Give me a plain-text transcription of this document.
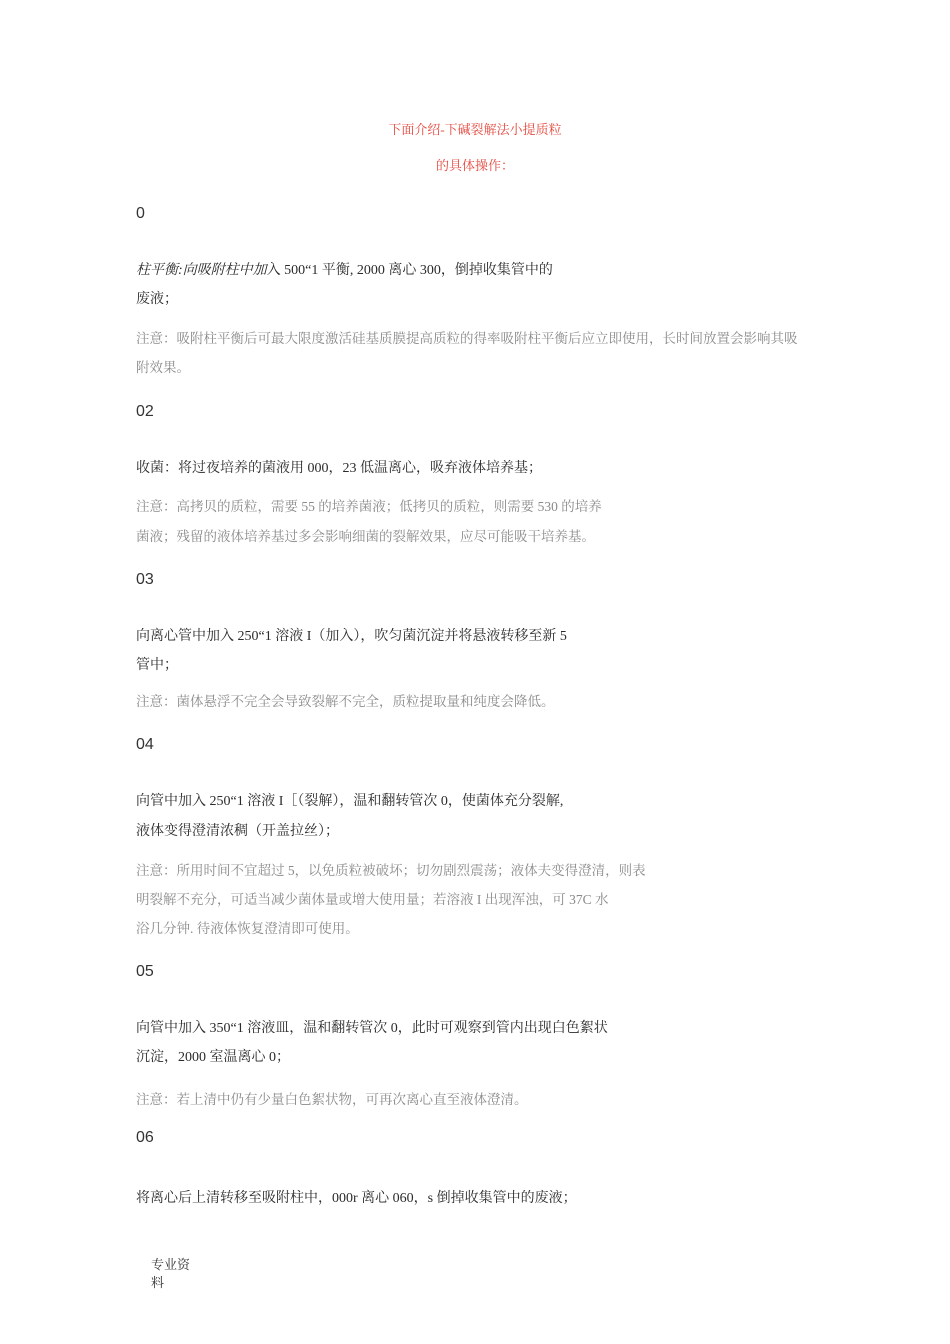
下面介绍-下碱裂解法小提质粒
的具体操作：
0
柱平衡:向吸附柱中加入 500“1 平衡, 2000 离心 300，倒掉收集管中的
废液；
注意：吸附柱平衡后可最大限度激活硅基质膜提高质粒的得率吸附柱平衡后应立即使用，长时间放置会影响其吸
附效果。
02
收菌：将过夜培养的菌液用 000，23 低温离心，吸弃液体培养基；
注意：高拷贝的质粒，需要 55 的培养菌液；低拷贝的质粒，则需要 530 的培养
菌液；残留的液体培养基过多会影响细菌的裂解效果，应尽可能吸干培养基。
03
向离心管中加入 250“1 溶液 I（加入），吹匀菌沉淀并将悬液转移至新 5
管中；
注意：菌体悬浮不完全会导致裂解不完全，质粒提取量和纯度会降低。
04
向管中加入 250“1 溶液 I［（裂解），温和翻转管次 0，使菌体充分裂解,
液体变得澄清浓稠（开盖拉丝）；
注意：所用时间不宜超过 5，以免质粒被破坏；切勿剧烈震荡；液体夫变得澄清，则表
明裂解不充分，可适当减少菌体量或增大使用量；若溶液 I 出现浑浊，可 37C 水
浴几分钟. 待液体恢复澄清即可使用。
05
向管中加入 350“1 溶液皿，温和翻转管次 0，此时可观察到管内出现白色絮状
沉淀，2000 室温离心 0；
注意：若上清中仍有少量白色絮状物，可再次离心直至液体澄清。
06
将离心后上清转移至吸附柱中，000r 离心 060，s 倒掉收集管中的废液；
专业资
料
